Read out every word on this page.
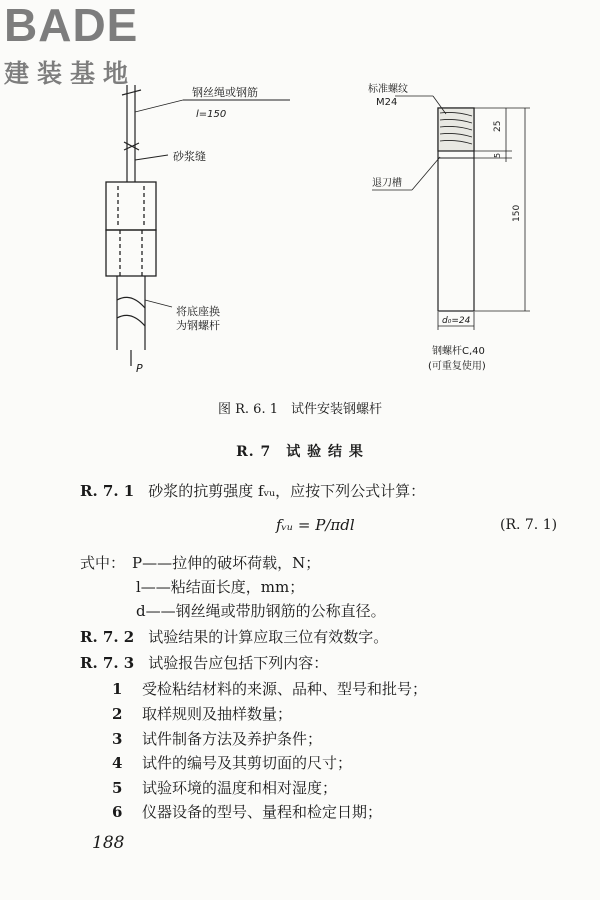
BADE
建装基地
钢丝绳或钢筋
l=150
砂浆缝
将底座换
为钢螺杆
P
标准螺纹
M24
退刀槽
25
5
150
d₀=24
钢螺杆C,40
(可重复使用)
图 R. 6. 1　试件安装钢螺杆
R. 7　试 验 结 果
R. 7. 1 砂浆的抗剪强度 fᵥᵤ，应按下列公式计算：
fᵥᵤ = P/πdl	(R. 7. 1)
式中： P——拉伸的破坏荷载，N；
l——粘结面长度，mm；
d——钢丝绳或带肋钢筋的公称直径。
R. 7. 2 试验结果的计算应取三位有效数字。
R. 7. 3 试验报告应包括下列内容：
1 受检粘结材料的来源、品种、型号和批号；
2 取样规则及抽样数量；
3 试件制备方法及养护条件；
4 试件的编号及其剪切面的尺寸；
5 试验环境的温度和相对湿度；
6 仪器设备的型号、量程和检定日期；
188
